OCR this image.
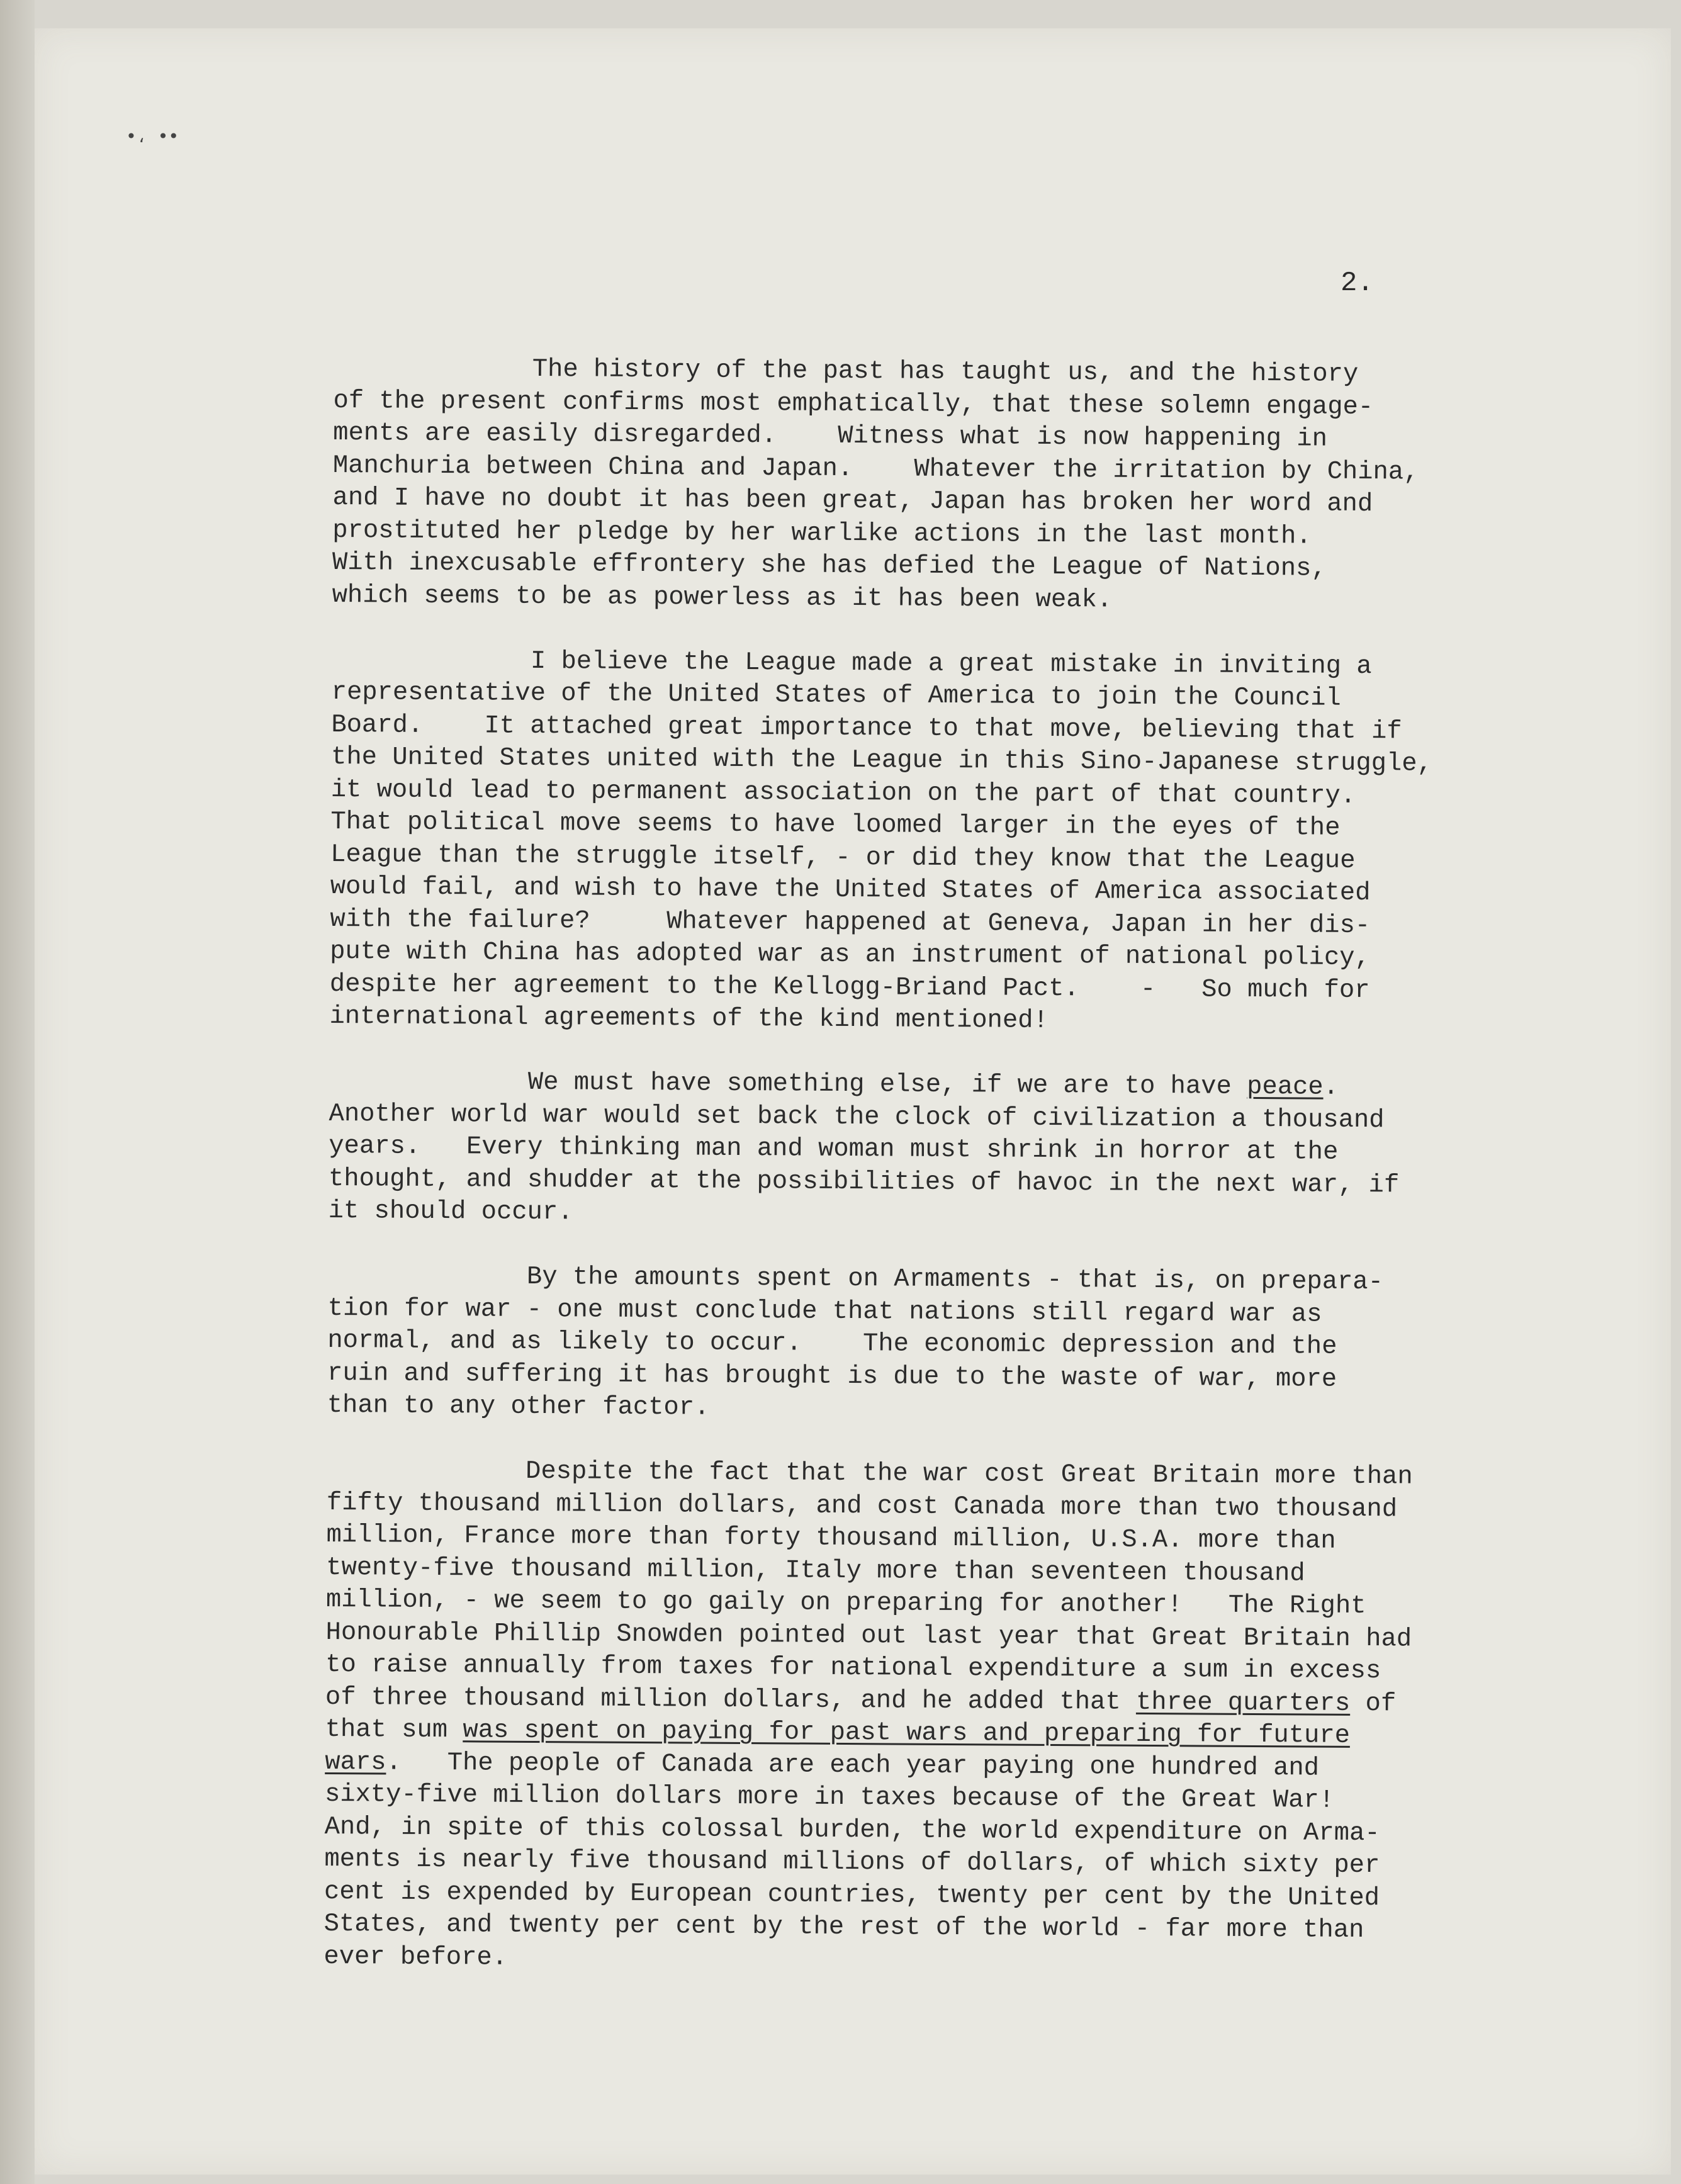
•، ••
2.
The history of the past has taught us, and the history
of the present confirms most emphatically, that these solemn engage-
ments are easily disregarded.    Witness what is now happening in
Manchuria between China and Japan.    Whatever the irritation by China,
and I have no doubt it has been great, Japan has broken her word and
prostituted her pledge by her warlike actions in the last month.
With inexcusable effrontery she has defied the League of Nations,
which seems to be as powerless as it has been weak.
I believe the League made a great mistake in inviting a
representative of the United States of America to join the Council
Board.    It attached great importance to that move, believing that if
the United States united with the League in this Sino-Japanese struggle,
it would lead to permanent association on the part of that country.
That political move seems to have loomed larger in the eyes of the
League than the struggle itself, - or did they know that the League
would fail, and wish to have the United States of America associated
with the failure?     Whatever happened at Geneva, Japan in her dis-
pute with China has adopted war as an instrument of national policy,
despite her agreement to the Kellogg-Briand Pact.    -   So much for
international agreements of the kind mentioned!
We must have something else, if we are to have peace.
Another world war would set back the clock of civilization a thousand
years.   Every thinking man and woman must shrink in horror at the
thought, and shudder at the possibilities of havoc in the next war, if
it should occur.
By the amounts spent on Armaments - that is, on prepara-
tion for war - one must conclude that nations still regard war as
normal, and as likely to occur.    The economic depression and the
ruin and suffering it has brought is due to the waste of war, more
than to any other factor.
Despite the fact that the war cost Great Britain more than
fifty thousand million dollars, and cost Canada more than two thousand
million, France more than forty thousand million, U.S.A. more than
twenty-five thousand million, Italy more than seventeen thousand
million, - we seem to go gaily on preparing for another!   The Right
Honourable Phillip Snowden pointed out last year that Great Britain had
to raise annually from taxes for national expenditure a sum in excess
of three thousand million dollars, and he added that three quarters of
that sum was spent on paying for past wars and preparing for future
wars.   The people of Canada are each year paying one hundred and
sixty-five million dollars more in taxes because of the Great War!
And, in spite of this colossal burden, the world expenditure on Arma-
ments is nearly five thousand millions of dollars, of which sixty per
cent is expended by European countries, twenty per cent by the United
States, and twenty per cent by the rest of the world - far more than
ever before.
